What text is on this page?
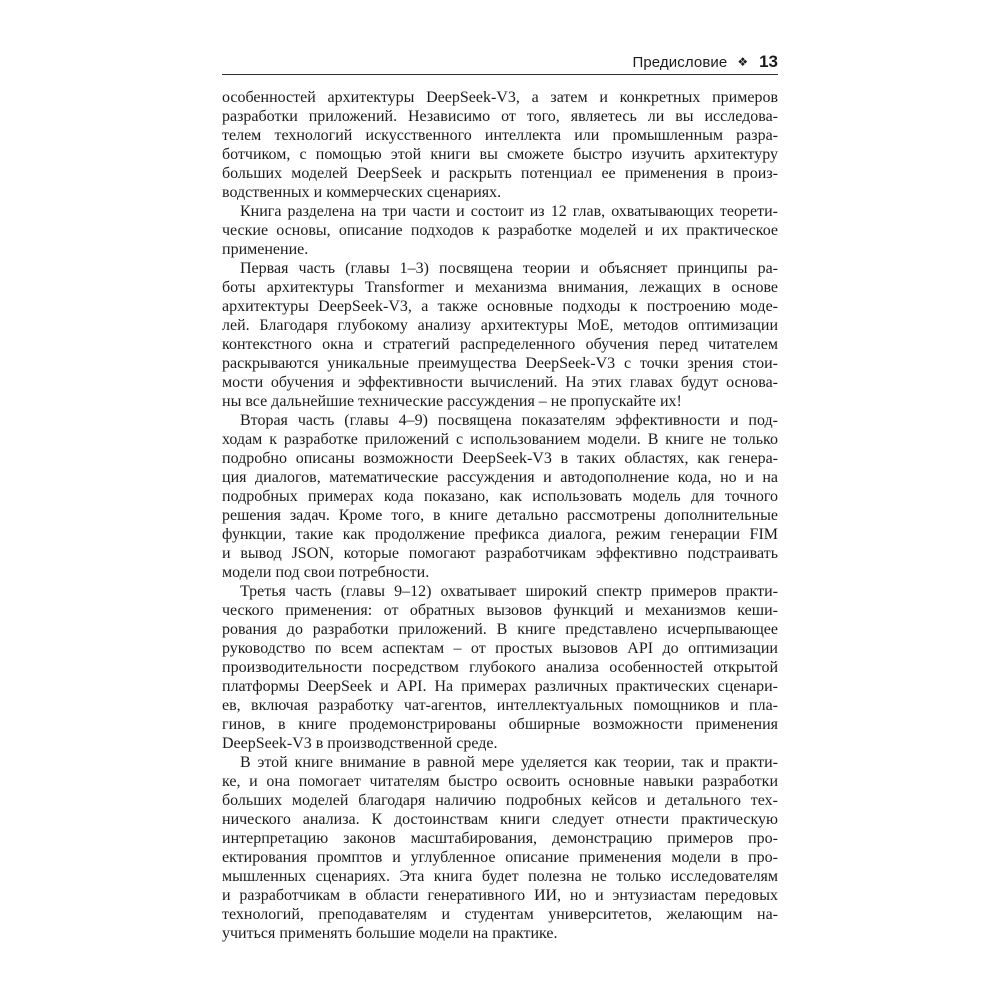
Предисловие ❖ 13
особенностей архитектуры DeepSeek-V3, а затем и конкретных примеров
разработки приложений. Независимо от того, являетесь ли вы исследова-
телем технологий искусственного интеллекта или промышленным разра-
ботчиком, с помощью этой книги вы сможете быстро изучить архитектуру
больших моделей DeepSeek и раскрыть потенциал ее применения в произ-
водственных и коммерческих сценариях.
Книга разделена на три части и состоит из 12 глав, охватывающих теорети-
ческие основы, описание подходов к разработке моделей и их практическое
применение.
Первая часть (главы 1–3) посвящена теории и объясняет принципы ра-
боты архитектуры Transformer и механизма внимания, лежащих в основе
архитектуры DeepSeek-V3, а также основные подходы к построению моде-
лей. Благодаря глубокому анализу архитектуры MoE, методов оптимизации
контекстного окна и стратегий распределенного обучения перед читателем
раскрываются уникальные преимущества DeepSeek-V3 с точки зрения стои-
мости обучения и эффективности вычислений. На этих главах будут основа-
ны все дальнейшие технические рассуждения – не пропускайте их!
Вторая часть (главы 4–9) посвящена показателям эффективности и под-
ходам к разработке приложений с использованием модели. В книге не только
подробно описаны возможности DeepSeek-V3 в таких областях, как генера-
ция диалогов, математические рассуждения и автодополнение кода, но и на
подробных примерах кода показано, как использовать модель для точного
решения задач. Кроме того, в книге детально рассмотрены дополнительные
функции, такие как продолжение префикса диалога, режим генерации FIM
и вывод JSON, которые помогают разработчикам эффективно подстраивать
модели под свои потребности.
Третья часть (главы 9–12) охватывает широкий спектр примеров практи-
ческого применения: от обратных вызовов функций и механизмов кеши-
рования до разработки приложений. В книге представлено исчерпывающее
руководство по всем аспектам – от простых вызовов API до оптимизации
производительности посредством глубокого анализа особенностей открытой
платформы DeepSeek и API. На примерах различных практических сценари-
ев, включая разработку чат-агентов, интеллектуальных помощников и пла-
гинов, в книге продемонстрированы обширные возможности применения
DeepSeek-V3 в производственной среде.
В этой книге внимание в равной мере уделяется как теории, так и практи-
ке, и она помогает читателям быстро освоить основные навыки разработки
больших моделей благодаря наличию подробных кейсов и детального тех-
нического анализа. К достоинствам книги следует отнести практическую
интерпретацию законов масштабирования, демонстрацию примеров про-
ектирования промптов и углубленное описание применения модели в про-
мышленных сценариях. Эта книга будет полезна не только исследователям
и разработчикам в области генеративного ИИ, но и энтузиастам передовых
технологий, преподавателям и студентам университетов, желающим на-
учиться применять большие модели на практике.
